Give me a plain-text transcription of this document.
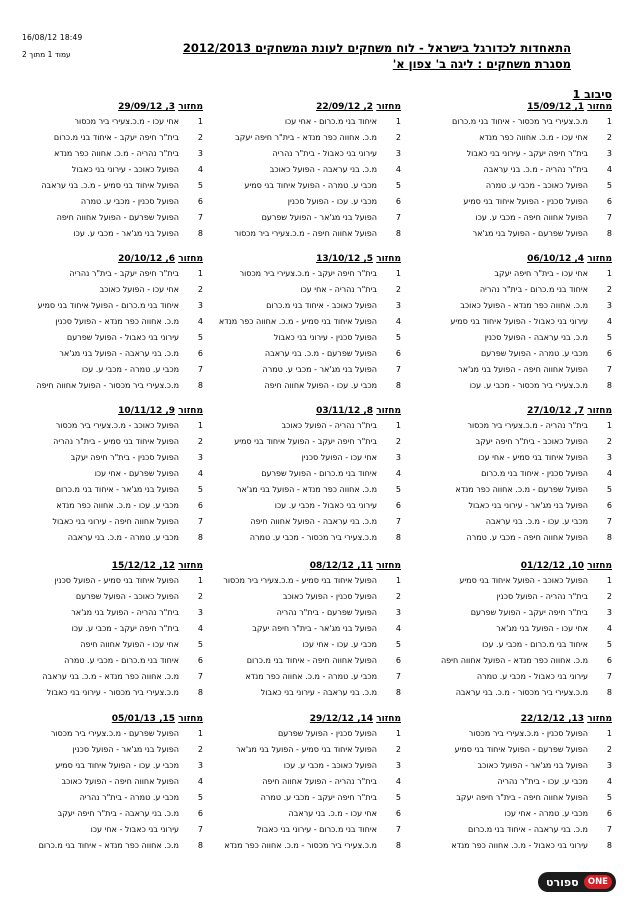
16/08/12 18:49
עמוד 1 מתוך 2	התאחדות לכדורגל בישראל - לוח משחקים לעונת המשחקים 2012/2013
מסגרת משחקים : ליגה ב' צפון א'
סיבוב 1
מחזור 1, 15/09/12
1
מ.כ.צעירי ביר מכסור - איחוד בני מ.כרום
2
אחי עכו - מ.כ. אחווה כפר מנדא
3
בית"ר חיפה יעקב - עירוני בני כאבול
4
בית"ר נהריה - מ.כ. בני עראבה
5
הפועל כאוכב - מכבי ע. טמרה
6
הפועל סכנין - הפועל איחוד בני סמיע
7
הפועל אחווה חיפה - מכבי ע. עכו
8
הפועל שפרעם - הפועל בני מג'אר
מחזור 2, 22/09/12
1
איחוד בני מ.כרום - אחי עכו
2
מ.כ. אחווה כפר מנדא - בית"ר חיפה יעקב
3
עירוני בני כאבול - בית"ר נהריה
4
מ.כ. בני עראבה - הפועל כאוכב
5
מכבי ע. טמרה - הפועל איחוד בני סמיע
6
מכבי ע. עכו - הפועל סכנין
7
הפועל בני מג'אר - הפועל שפרעם
8
הפועל אחווה חיפה - מ.כ.צעירי ביר מכסור
מחזור 3, 29/09/12
1
אחי עכו - מ.כ.צעירי ביר מכסור
2
בית"ר חיפה יעקב - איחוד בני מ.כרום
3
בית"ר נהריה - מ.כ. אחווה כפר מנדא
4
הפועל כאוכב - עירוני בני כאבול
5
הפועל איחוד בני סמיע - מ.כ. בני עראבה
6
הפועל סכנין - מכבי ע. טמרה
7
הפועל שפרעם - הפועל אחווה חיפה
8
הפועל בני מג'אר - מכבי ע. עכו
מחזור 4, 06/10/12
1
אחי עכו - בית"ר חיפה יעקב
2
איחוד בני מ.כרום - בית"ר נהריה
3
מ.כ. אחווה כפר מנדא - הפועל כאוכב
4
עירוני בני כאבול - הפועל איחוד בני סמיע
5
מ.כ. בני עראבה - הפועל סכנין
6
מכבי ע. טמרה - הפועל שפרעם
7
הפועל אחווה חיפה - הפועל בני מג'אר
8
מ.כ.צעירי ביר מכסור - מכבי ע. עכו
מחזור 5, 13/10/12
1
בית"ר חיפה יעקב - מ.כ.צעירי ביר מכסור
2
בית"ר נהריה - אחי עכו
3
הפועל כאוכב - איחוד בני מ.כרום
4
הפועל איחוד בני סמיע - מ.כ. אחווה כפר מנדא
5
הפועל סכנין - עירוני בני כאבול
6
הפועל שפרעם - מ.כ. בני עראבה
7
הפועל בני מג'אר - מכבי ע. טמרה
8
מכבי ע. עכו - הפועל אחווה חיפה
מחזור 6, 20/10/12
1
בית"ר חיפה יעקב - בית"ר נהריה
2
אחי עכו - הפועל כאוכב
3
איחוד בני מ.כרום - הפועל איחוד בני סמיע
4
מ.כ. אחווה כפר מנדא - הפועל סכנין
5
עירוני בני כאבול - הפועל שפרעם
6
מ.כ. בני עראבה - הפועל בני מג'אר
7
מכבי ע. טמרה - מכבי ע. עכו
8
מ.כ.צעירי ביר מכסור - הפועל אחווה חיפה
מחזור 7, 27/10/12
1
בית"ר נהריה - מ.כ.צעירי ביר מכסור
2
הפועל כאוכב - בית"ר חיפה יעקב
3
הפועל איחוד בני סמיע - אחי עכו
4
הפועל סכנין - איחוד בני מ.כרום
5
הפועל שפרעם - מ.כ. אחווה כפר מנדא
6
הפועל בני מג'אר - עירוני בני כאבול
7
מכבי ע. עכו - מ.כ. בני עראבה
8
הפועל אחווה חיפה - מכבי ע. טמרה
מחזור 8, 03/11/12
1
בית"ר נהריה - הפועל כאוכב
2
בית"ר חיפה יעקב - הפועל איחוד בני סמיע
3
אחי עכו - הפועל סכנין
4
איחוד בני מ.כרום - הפועל שפרעם
5
מ.כ. אחווה כפר מנדא - הפועל בני מג'אר
6
עירוני בני כאבול - מכבי ע. עכו
7
מ.כ. בני עראבה - הפועל אחווה חיפה
8
מ.כ.צעירי ביר מכסור - מכבי ע. טמרה
מחזור 9, 10/11/12
1
הפועל כאוכב - מ.כ.צעירי ביר מכסור
2
הפועל איחוד בני סמיע - בית"ר נהריה
3
הפועל סכנין - בית"ר חיפה יעקב
4
הפועל שפרעם - אחי עכו
5
הפועל בני מג'אר - איחוד בני מ.כרום
6
מכבי ע. עכו - מ.כ. אחווה כפר מנדא
7
הפועל אחווה חיפה - עירוני בני כאבול
8
מכבי ע. טמרה - מ.כ. בני עראבה
מחזור 10, 01/12/12
1
הפועל כאוכב - הפועל איחוד בני סמיע
2
בית"ר נהריה - הפועל סכנין
3
בית"ר חיפה יעקב - הפועל שפרעם
4
אחי עכו - הפועל בני מג'אר
5
איחוד בני מ.כרום - מכבי ע. עכו
6
מ.כ. אחווה כפר מנדא - הפועל אחווה חיפה
7
עירוני בני כאבול - מכבי ע. טמרה
8
מ.כ.צעירי ביר מכסור - מ.כ. בני עראבה
מחזור 11, 08/12/12
1
הפועל איחוד בני סמיע - מ.כ.צעירי ביר מכסור
2
הפועל סכנין - הפועל כאוכב
3
הפועל שפרעם - בית"ר נהריה
4
הפועל בני מג'אר - בית"ר חיפה יעקב
5
מכבי ע. עכו - אחי עכו
6
הפועל אחווה חיפה - איחוד בני מ.כרום
7
מכבי ע. טמרה - מ.כ. אחווה כפר מנדא
8
מ.כ. בני עראבה - עירוני בני כאבול
מחזור 12, 15/12/12
1
הפועל איחוד בני סמיע - הפועל סכנין
2
הפועל כאוכב - הפועל שפרעם
3
בית"ר נהריה - הפועל בני מג'אר
4
בית"ר חיפה יעקב - מכבי ע. עכו
5
אחי עכו - הפועל אחווה חיפה
6
איחוד בני מ.כרום - מכבי ע. טמרה
7
מ.כ. אחווה כפר מנדא - מ.כ. בני עראבה
8
מ.כ.צעירי ביר מכסור - עירוני בני כאבול
מחזור 13, 22/12/12
1
הפועל סכנין - מ.כ.צעירי ביר מכסור
2
הפועל שפרעם - הפועל איחוד בני סמיע
3
הפועל בני מג'אר - הפועל כאוכב
4
מכבי ע. עכו - בית"ר נהריה
5
הפועל אחווה חיפה - בית"ר חיפה יעקב
6
מכבי ע. טמרה - אחי עכו
7
מ.כ. בני עראבה - איחוד בני מ.כרום
8
עירוני בני כאבול - מ.כ. אחווה כפר מנדא
מחזור 14, 29/12/12
1
הפועל סכנין - הפועל שפרעם
2
הפועל איחוד בני סמיע - הפועל בני מג'אר
3
הפועל כאוכב - מכבי ע. עכו
4
בית"ר נהריה - הפועל אחווה חיפה
5
בית"ר חיפה יעקב - מכבי ע. טמרה
6
אחי עכו - מ.כ. בני עראבה
7
איחוד בני מ.כרום - עירוני בני כאבול
8
מ.כ.צעירי ביר מכסור - מ.כ. אחווה כפר מנדא
מחזור 15, 05/01/13
1
הפועל שפרעם - מ.כ.צעירי ביר מכסור
2
הפועל בני מג'אר - הפועל סכנין
3
מכבי ע. עכו - הפועל איחוד בני סמיע
4
הפועל אחווה חיפה - הפועל כאוכב
5
מכבי ע. טמרה - בית"ר נהריה
6
מ.כ. בני עראבה - בית"ר חיפה יעקב
7
עירוני בני כאבול - אחי עכו
8
מ.כ. אחווה כפר מנדא - איחוד בני מ.כרום
ספורט	ONE
